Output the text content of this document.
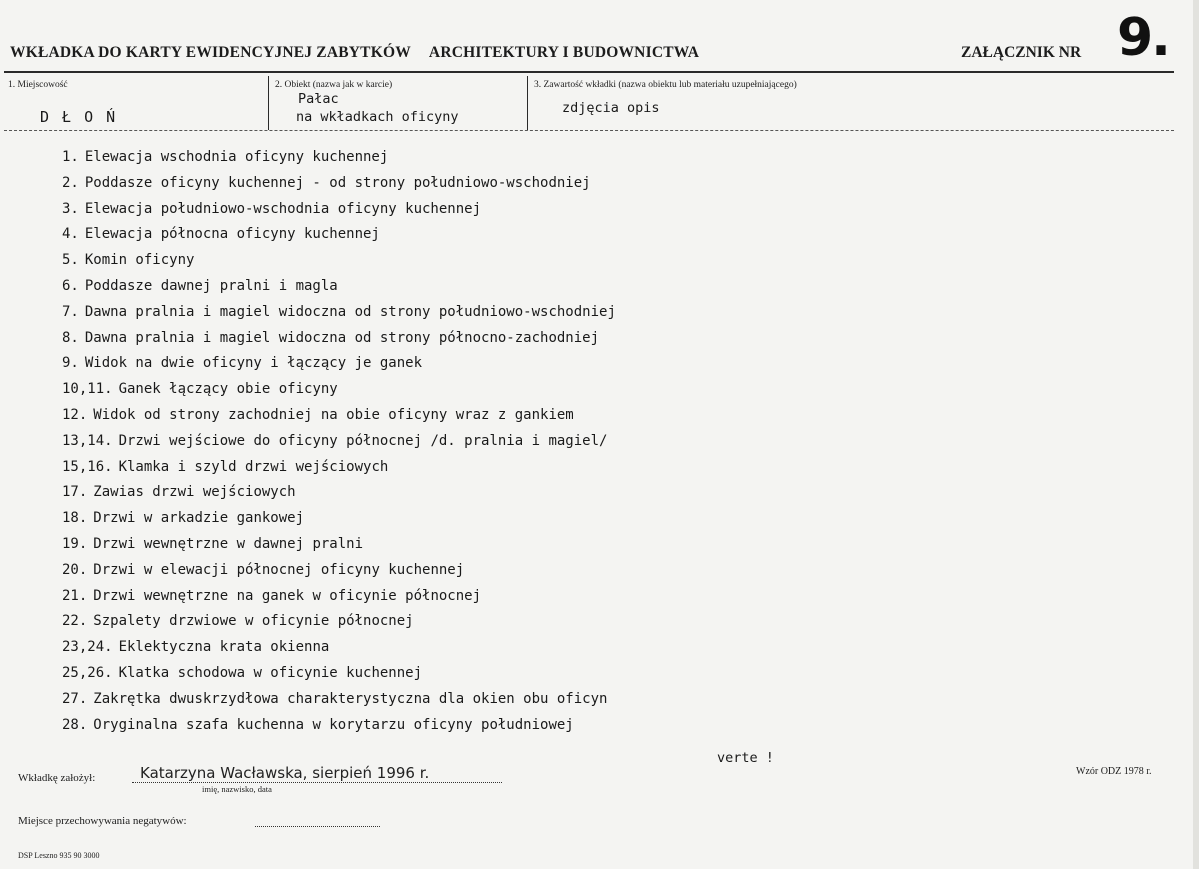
WKŁADKA DO KARTY EWIDENCYJNEJ ZABYTKÓW ARCHITEKTURY I BUDOWNICTWA	ZAŁĄCZNIK NR 9.
1. Miejscowość
D Ł O Ń
2. Obiekt (nazwa jak w karcie)
Pałac
na wkładkach oficyny
3. Zawartość wkładki (nazwa obiektu lub materiału uzupełniającego)
zdjęcia opis
1. Elewacja wschodnia oficyny kuchennej
2. Poddasze oficyny kuchennej - od strony południowo-wschodniej
3. Elewacja południowo-wschodnia oficyny kuchennej
4. Elewacja północna oficyny kuchennej
5. Komin oficyny
6. Poddasze dawnej pralni i magla
7. Dawna pralnia i magiel widoczna od strony południowo-wschodniej
8. Dawna pralnia i magiel widoczna od strony północno-zachodniej
9. Widok na dwie oficyny i łączący je ganek
10,11. Ganek łączący obie oficyny
12. Widok od strony zachodniej na obie oficyny wraz z gankiem
13,14. Drzwi wejściowe do oficyny północnej /d. pralnia i magiel/
15,16. Klamka i szyld drzwi wejściowych
17. Zawias drzwi wejściowych
18. Drzwi w arkadzie gankowej
19. Drzwi wewnętrzne w dawnej pralni
20. Drzwi w elewacji północnej oficyny kuchennej
21. Drzwi wewnętrzne na ganek w oficynie północnej
22. Szpalety drzwiowe w oficynie północnej
23,24. Eklektyczna krata okienna
25,26. Klatka schodowa w oficynie kuchennej
27. Zakrętka dwuskrzydłowa charakterystyczna dla okien obu oficyn
28. Oryginalna szafa kuchenna w korytarzu oficyny południowej
verte !
Wkładkę założył:	Katarzyna Wacławska, sierpień 1996 r.
imię, nazwisko, data
Wzór ODZ 1978 r.
Miejsce przechowywania negatywów:
DSP Leszno 935 90 3000
